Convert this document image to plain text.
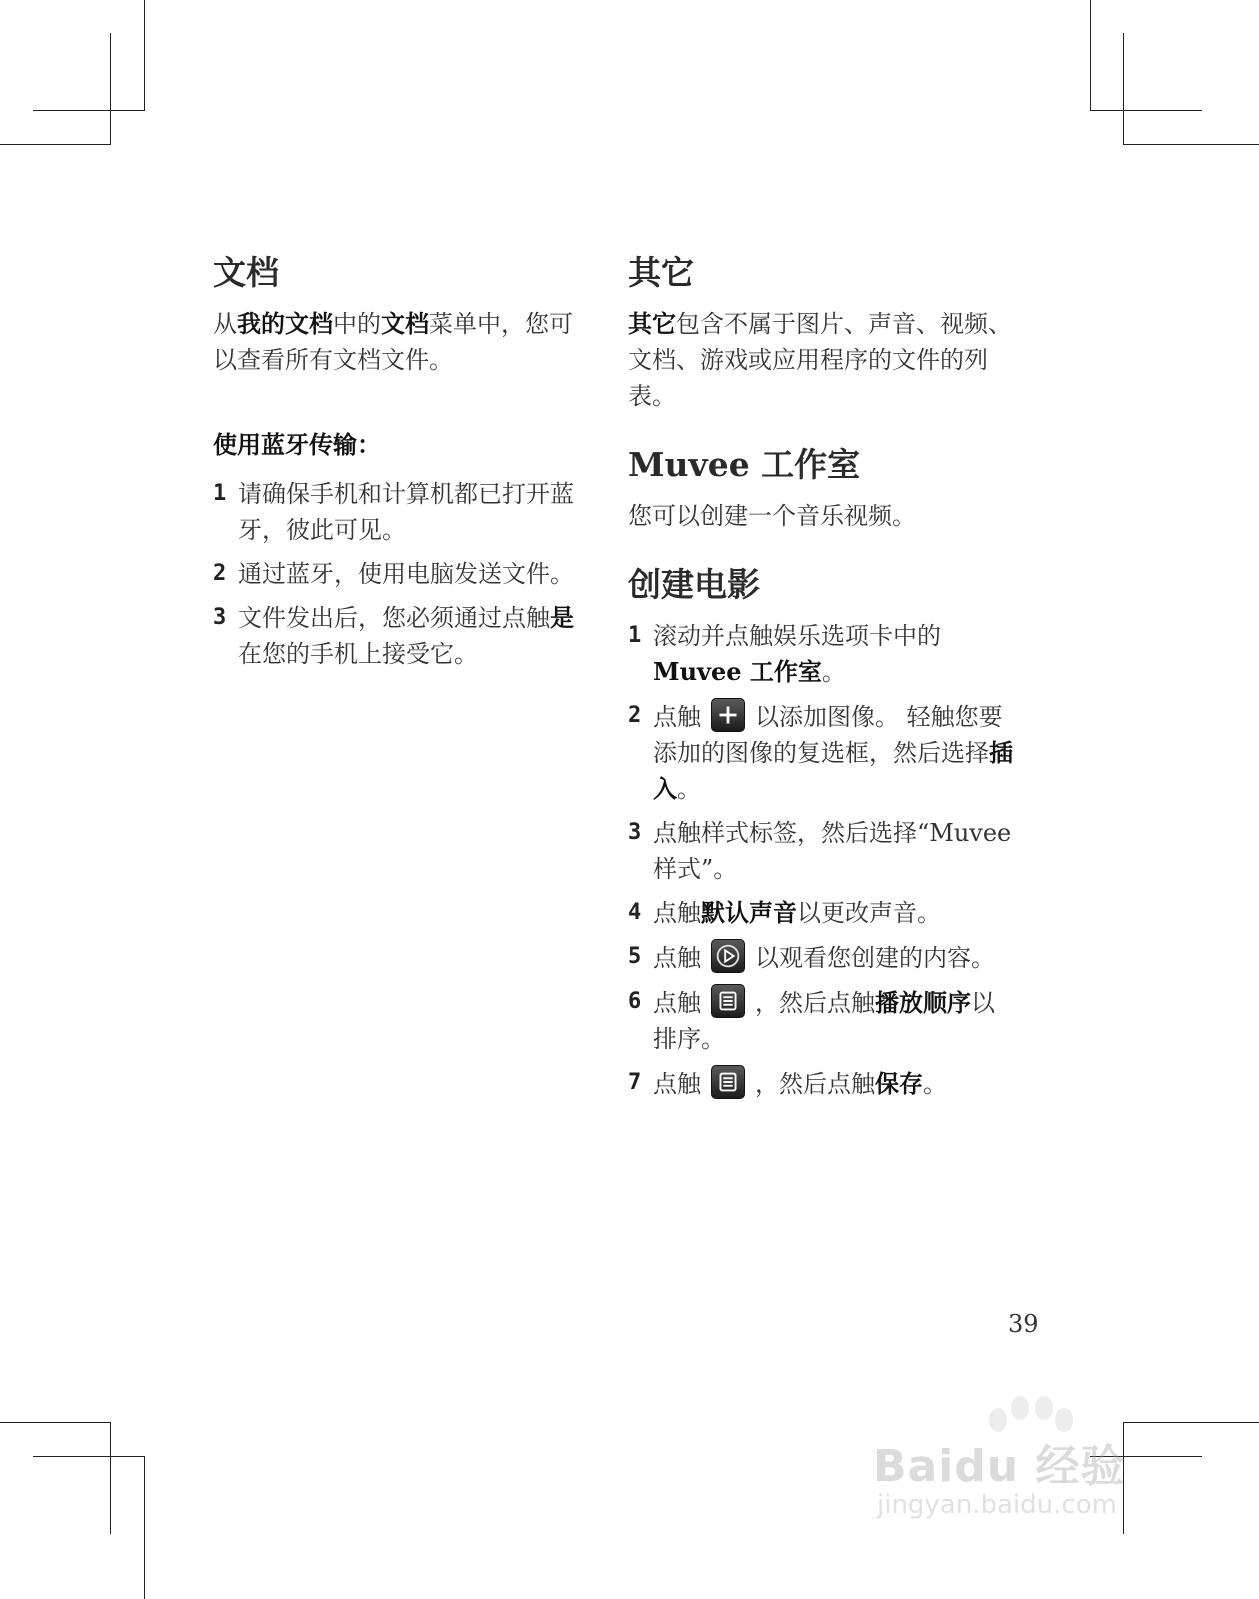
文档

从我的文档中的文档菜单中，您可以查看所有文档文件。

使用蓝牙传输：
1 请确保手机和计算机都已打开蓝牙，彼此可见。
2 通过蓝牙，使用电脑发送文件。
3 文件发出后，您必须通过点触是在您的手机上接受它。
其它

其它包含不属于图片、声音、视频、文档、游戏或应用程序的文件的列表。

Muvee 工作室

您可以创建一个音乐视频。

创建电影
1 滚动并点触娱乐选项卡中的Muvee 工作室。
2 点触 以添加图像。 轻触您要添加的图像的复选框，然后选择插入。
3 点触样式标签，然后选择“Muvee样式”。
4 点触默认声音以更改声音。
5 点触 以观看您创建的内容。
6 点触 ，然后点触播放顺序以排序。
7 点触 ，然后点触保存。
39
Baidu 经验
jingyan.baidu.com
